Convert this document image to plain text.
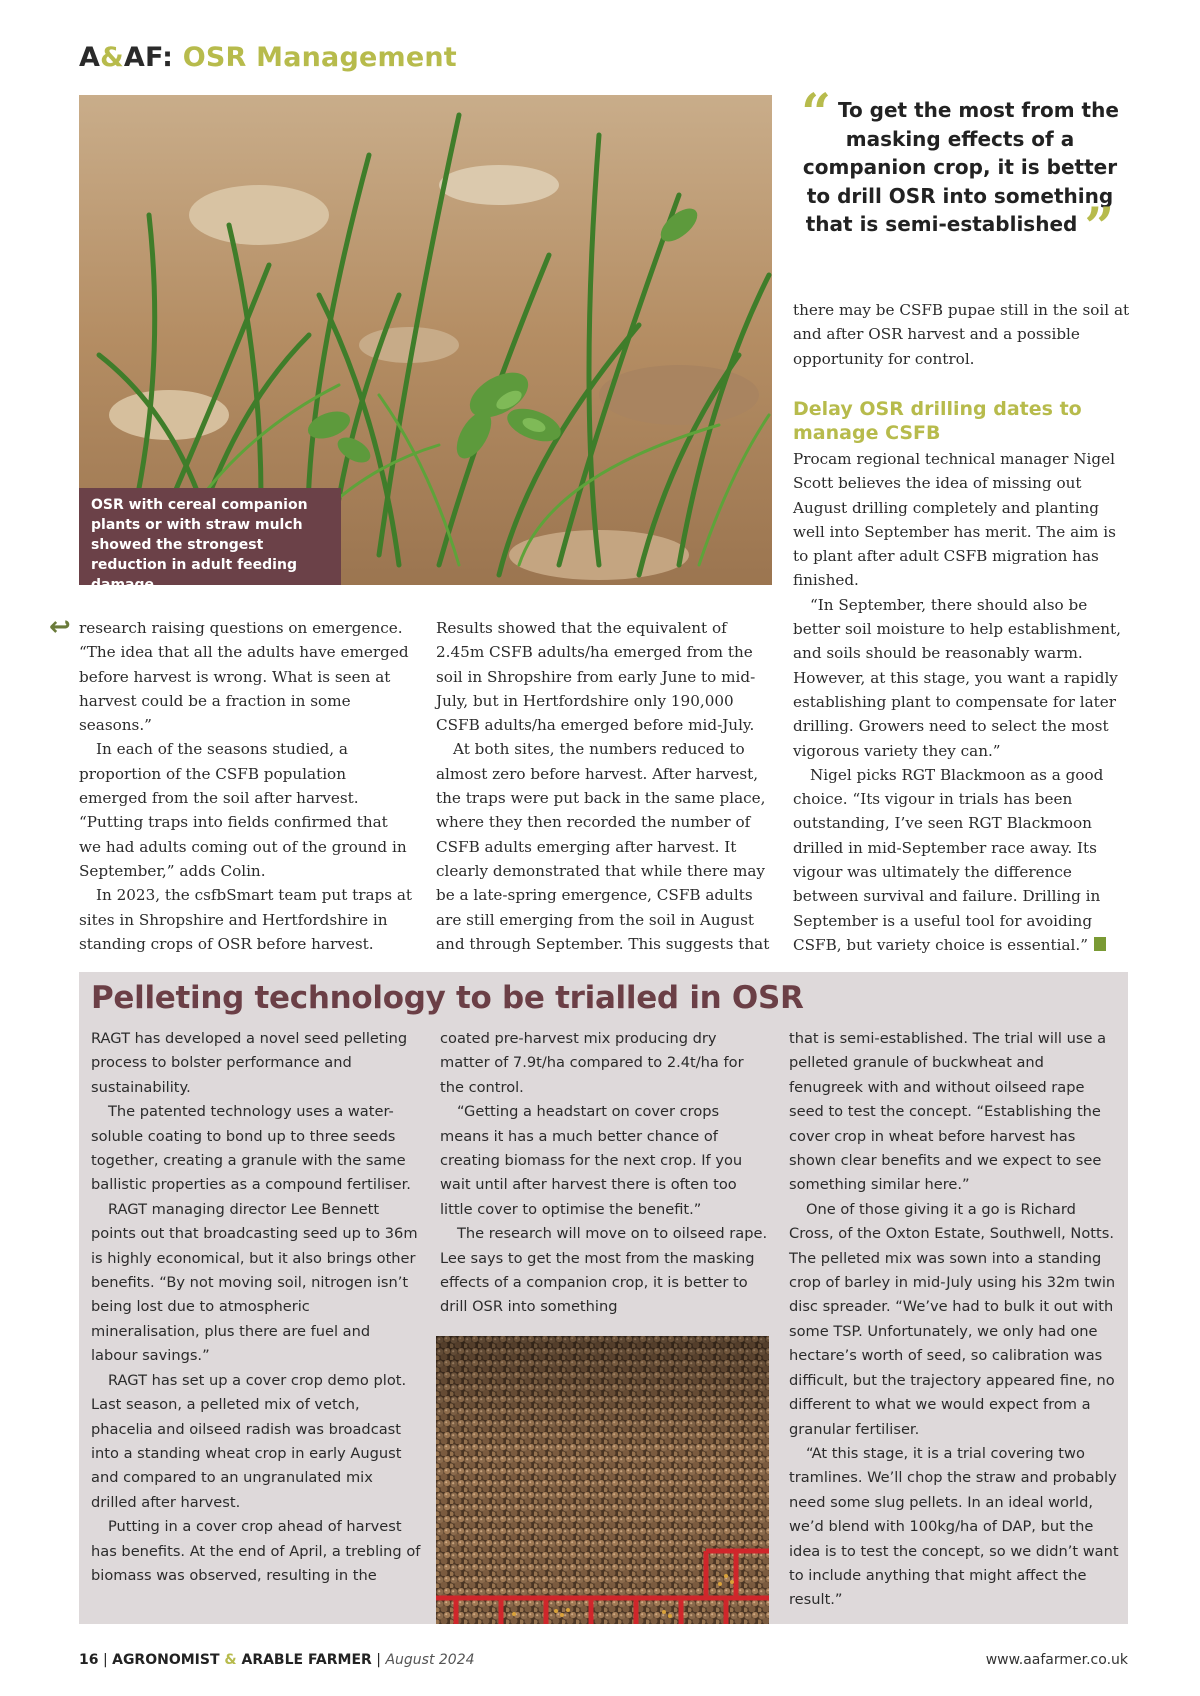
A&AF: OSR Management
OSR with cereal companion plants or with straw mulch showed the strongest reduction in adult feeding damage
“ To get the most from the masking effects of a companion crop, it is better to drill OSR into something that is semi-established ”
↩ research raising questions on emergence. “The idea that all the adults have emerged before harvest is wrong. What is seen at harvest could be a fraction in some seasons.”

In each of the seasons studied, a proportion of the CSFB population emerged from the soil after harvest. “Putting traps into fields confirmed that we had adults coming out of the ground in September,” adds Colin.

In 2023, the csfbSmart team put traps at sites in Shropshire and Hertfordshire in standing crops of OSR before harvest.

Results showed that the equivalent of 2.45m CSFB adults/ha emerged from the soil in Shropshire from early June to mid-July, but in Hertfordshire only 190,000 CSFB adults/ha emerged before mid-July.

At both sites, the numbers reduced to almost zero before harvest. After harvest, the traps were put back in the same place, where they then recorded the number of CSFB adults emerging after harvest. It clearly demonstrated that while there may be a late-spring emergence, CSFB adults are still emerging from the soil in August and through September. This suggests that

there may be CSFB pupae still in the soil at and after OSR harvest and a possible opportunity for control.

Delay OSR drilling dates to manage CSFB

Procam regional technical manager Nigel Scott believes the idea of missing out August drilling completely and planting well into September has merit. The aim is to plant after adult CSFB migration has finished.

“In September, there should also be better soil moisture to help establishment, and soils should be reasonably warm. However, at this stage, you want a rapidly establishing plant to compensate for later drilling. Growers need to select the most vigorous variety they can.”

Nigel picks RGT Blackmoon as a good choice. “Its vigour in trials has been outstanding, I’ve seen RGT Blackmoon drilled in mid-September race away. Its vigour was ultimately the difference between survival and failure. Drilling in September is a useful tool for avoiding CSFB, but variety choice is essential.”

Pelleting technology to be trialled in OSR

RAGT has developed a novel seed pelleting process to bolster performance and sustainability.

The patented technology uses a water-soluble coating to bond up to three seeds together, creating a granule with the same ballistic properties as a compound fertiliser.

RAGT managing director Lee Bennett points out that broadcasting seed up to 36m is highly economical, but it also brings other benefits. “By not moving soil, nitrogen isn’t being lost due to atmospheric mineralisation, plus there are fuel and labour savings.”

RAGT has set up a cover crop demo plot. Last season, a pelleted mix of vetch, phacelia and oilseed radish was broadcast into a standing wheat crop in early August and compared to an ungranulated mix drilled after harvest.

Putting in a cover crop ahead of harvest has benefits. At the end of April, a trebling of biomass was observed, resulting in the

coated pre-harvest mix producing dry matter of 7.9t/ha compared to 2.4t/ha for the control.

“Getting a headstart on cover crops means it has a much better chance of creating biomass for the next crop. If you wait until after harvest there is often too little cover to optimise the benefit.”

The research will move on to oilseed rape. Lee says to get the most from the masking effects of a companion crop, it is better to drill OSR into something

that is semi-established. The trial will use a pelleted granule of buckwheat and fenugreek with and without oilseed rape seed to test the concept. “Establishing the cover crop in wheat before harvest has shown clear benefits and we expect to see something similar here.”

One of those giving it a go is Richard Cross, of the Oxton Estate, Southwell, Notts. The pelleted mix was sown into a standing crop of barley in mid-July using his 32m twin disc spreader. “We’ve had to bulk it out with some TSP. Unfortunately, we only had one hectare’s worth of seed, so calibration was difficult, but the trajectory appeared fine, no different to what we would expect from a granular fertiliser.

“At this stage, it is a trial covering two tramlines. We’ll chop the straw and probably need some slug pellets. In an ideal world, we’d blend with 100kg/ha of DAP, but the idea is to test the concept, so we didn’t want to include anything that might affect the result.”

16 | AGRONOMIST & ARABLE FARMER | August 2024	www.aafarmer.co.uk
